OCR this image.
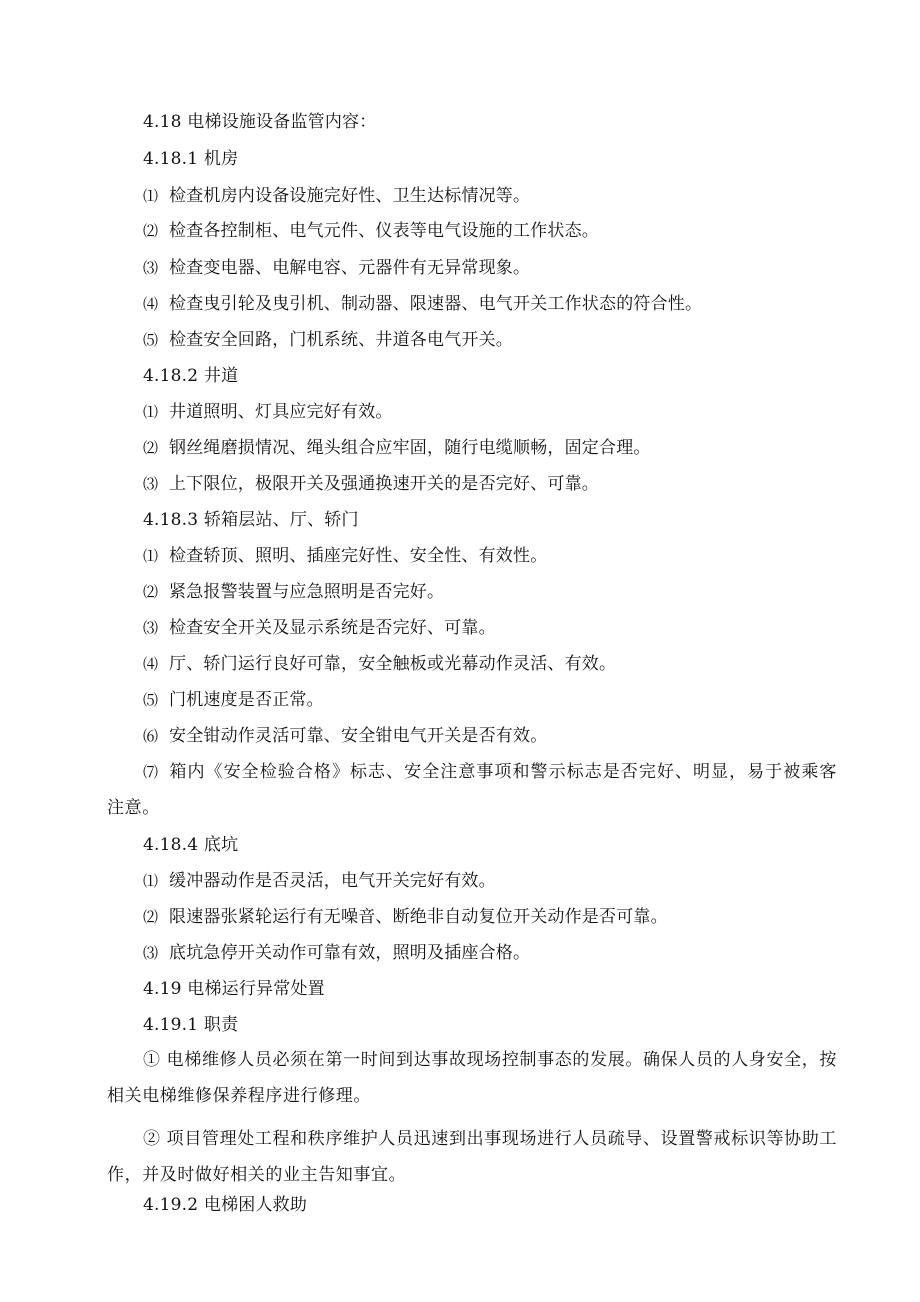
4.18 电梯设施设备监管内容：
4.18.1 机房
⑴ 检查机房内设备设施完好性、卫生达标情况等。
⑵ 检查各控制柜、电气元件、仪表等电气设施的工作状态。
⑶ 检查变电器、电解电容、元器件有无异常现象。
⑷ 检查曳引轮及曳引机、制动器、限速器、电气开关工作状态的符合性。
⑸ 检查安全回路，门机系统、井道各电气开关。
4.18.2 井道
⑴ 井道照明、灯具应完好有效。
⑵ 钢丝绳磨损情况、绳头组合应牢固，随行电缆顺畅，固定合理。
⑶ 上下限位，极限开关及强通换速开关的是否完好、可靠。
4.18.3 轿箱层站、厅、轿门
⑴ 检查轿顶、照明、插座完好性、安全性、有效性。
⑵ 紧急报警装置与应急照明是否完好。
⑶ 检查安全开关及显示系统是否完好、可靠。
⑷ 厅、轿门运行良好可靠，安全触板或光幕动作灵活、有效。
⑸ 门机速度是否正常。
⑹ 安全钳动作灵活可靠、安全钳电气开关是否有效。
⑺ 箱内《安全检验合格》标志、安全注意事项和警示标志是否完好、明显，易于被乘客注意。
4.18.4 底坑
⑴ 缓冲器动作是否灵活，电气开关完好有效。
⑵ 限速器张紧轮运行有无噪音、断绝非自动复位开关动作是否可靠。
⑶ 底坑急停开关动作可靠有效，照明及插座合格。
4.19 电梯运行异常处置
4.19.1 职责
① 电梯维修人员必须在第一时间到达事故现场控制事态的发展。确保人员的人身安全，按相关电梯维修保养程序进行修理。
② 项目管理处工程和秩序维护人员迅速到出事现场进行人员疏导、设置警戒标识等协助工作，并及时做好相关的业主告知事宜。
4.19.2 电梯困人救助
